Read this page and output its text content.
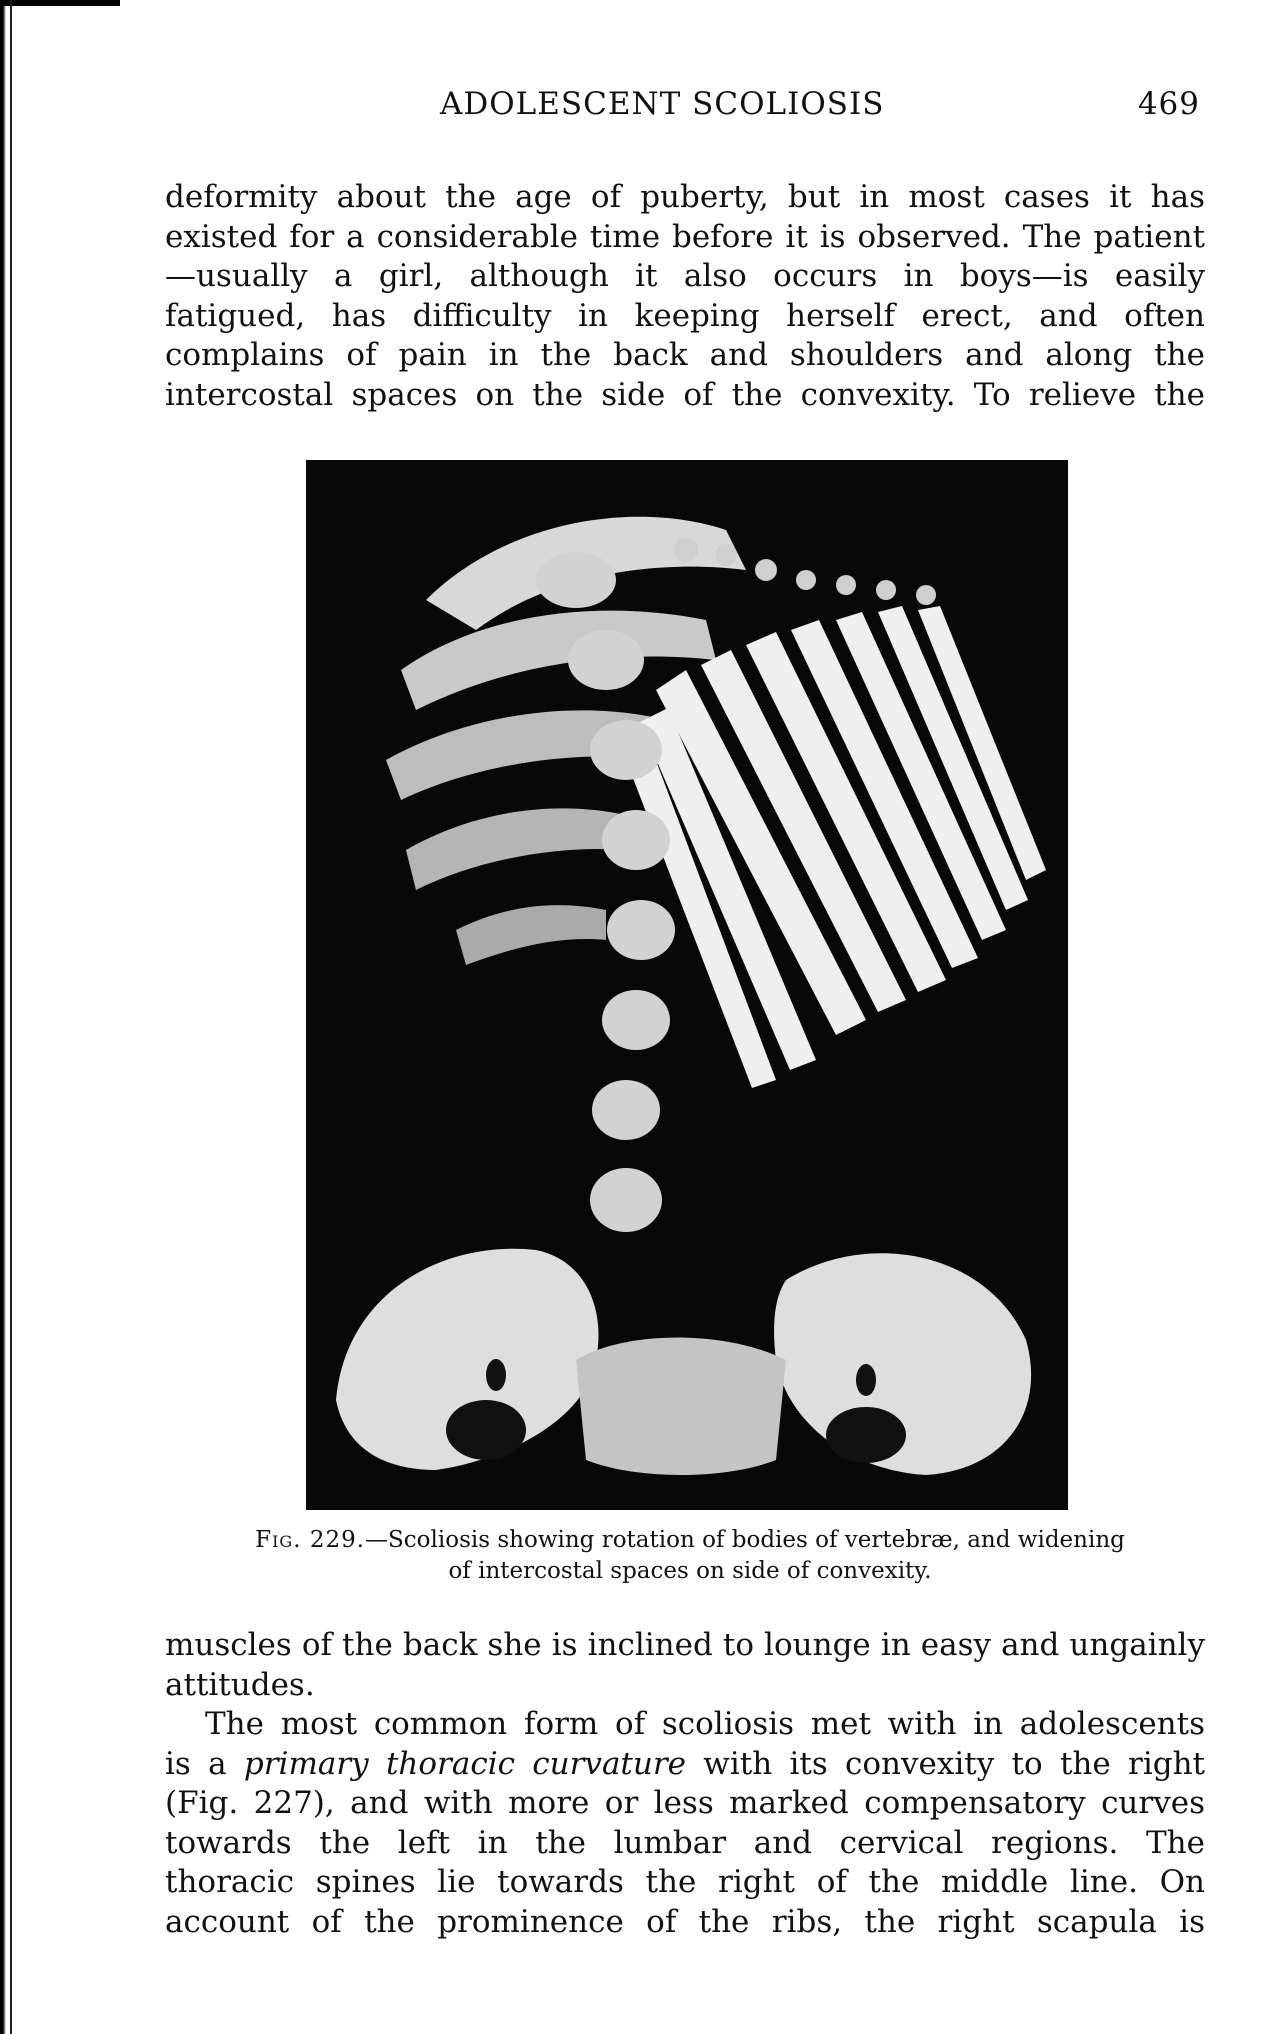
ADOLESCENT SCOLIOSIS	469
deformity about the age of puberty, but in most cases it has
existed for a considerable time before it is observed. The patient
—usually a girl, although it also occurs in boys—is easily
fatigued, has difficulty in keeping herself erect, and often
complains of pain in the back and shoulders and along the
intercostal spaces on the side of the convexity. To relieve the
Fig. 229.—Scoliosis showing rotation of bodies of vertebræ, and widening
of intercostal spaces on side of convexity.
muscles of the back she is inclined to lounge in easy and ungainly
attitudes.
The most common form of scoliosis met with in adolescents
is a primary thoracic curvature with its convexity to the right
(Fig. 227), and with more or less marked compensatory curves
towards the left in the lumbar and cervical regions. The
thoracic spines lie towards the right of the middle line. On
account of the prominence of the ribs, the right scapula is
